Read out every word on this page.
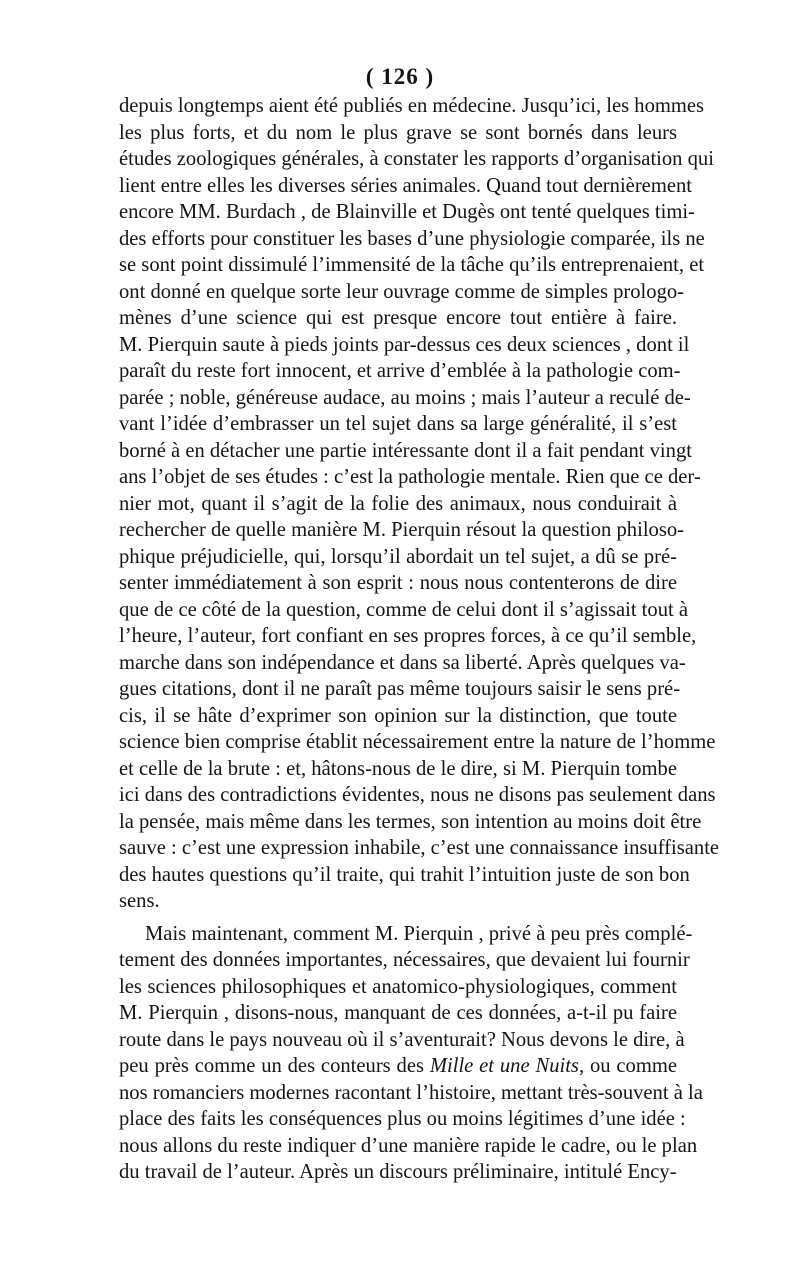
( 126 )
depuis longtemps aient été publiés en médecine. Jusqu’ici, les hommes
les plus forts, et du nom le plus grave se sont bornés dans leurs
études zoologiques générales, à constater les rapports d’organisation qui
lient entre elles les diverses séries animales. Quand tout dernièrement
encore MM. Burdach , de Blainville et Dugès ont tenté quelques timi-
des efforts pour constituer les bases d’une physiologie comparée, ils ne
se sont point dissimulé l’immensité de la tâche qu’ils entreprenaient, et
ont donné en quelque sorte leur ouvrage comme de simples prologo-
mènes d’une science qui est presque encore tout entière à faire.
M. Pierquin saute à pieds joints par-dessus ces deux sciences , dont il
paraît du reste fort innocent, et arrive d’emblée à la pathologie com-
parée ; noble, généreuse audace, au moins ; mais l’auteur a reculé de-
vant l’idée d’embrasser un tel sujet dans sa large généralité, il s’est
borné à en détacher une partie intéressante dont il a fait pendant vingt
ans l’objet de ses études : c’est la pathologie mentale. Rien que ce der-
nier mot, quant il s’agit de la folie des animaux, nous conduirait à
rechercher de quelle manière M. Pierquin résout la question philoso-
phique préjudicielle, qui, lorsqu’il abordait un tel sujet, a dû se pré-
senter immédiatement à son esprit : nous nous contenterons de dire
que de ce côté de la question, comme de celui dont il s’agissait tout à
l’heure, l’auteur, fort confiant en ses propres forces, à ce qu’il semble,
marche dans son indépendance et dans sa liberté. Après quelques va-
gues citations, dont il ne paraît pas même toujours saisir le sens pré-
cis, il se hâte d’exprimer son opinion sur la distinction, que toute
science bien comprise établit nécessairement entre la nature de l’homme
et celle de la brute : et, hâtons-nous de le dire, si M. Pierquin tombe
ici dans des contradictions évidentes, nous ne disons pas seulement dans
la pensée, mais même dans les termes, son intention au moins doit être
sauve : c’est une expression inhabile, c’est une connaissance insuffisante
des hautes questions qu’il traite, qui trahit l’intuition juste de son bon
sens.
Mais maintenant, comment M. Pierquin , privé à peu près complé-
tement des données importantes, nécessaires, que devaient lui fournir
les sciences philosophiques et anatomico-physiologiques, comment
M. Pierquin , disons-nous, manquant de ces données, a-t-il pu faire
route dans le pays nouveau où il s’aventurait? Nous devons le dire, à
peu près comme un des conteurs des Mille et une Nuits, ou comme
nos romanciers modernes racontant l’histoire, mettant très-souvent à la
place des faits les conséquences plus ou moins légitimes d’une idée :
nous allons du reste indiquer d’une manière rapide le cadre, ou le plan
du travail de l’auteur. Après un discours préliminaire, intitulé Ency-
